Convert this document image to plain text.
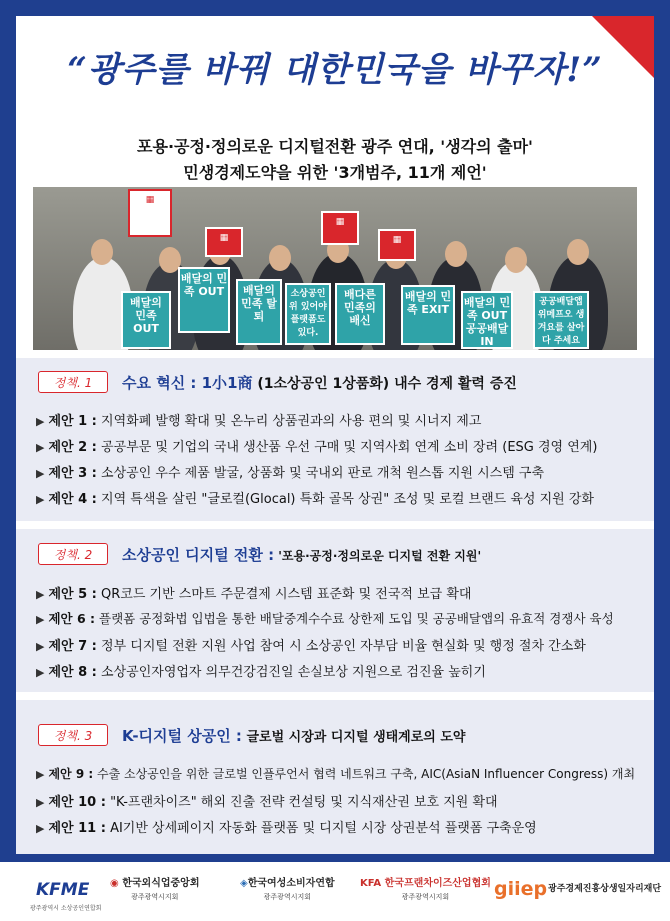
“광주를 바꿔 대한민국을 바꾸자!”
포용·공정·정의로운 디지털전환 광주 연대, '생각의 출마'
민생경제도약을 위한 '3개범주, 11개 제언'
▦
▦
▦
▦
배달의 민족 OUT
배달의 민족 OUT	배달의 민족 탈퇴
소상공인 위 있어야 플랫폼도 있다.
배다른 민족의 배신
배달의 민족 EXIT
배달의 민족 OUT 공공배달 IN
공공배달앱 위메프오 생겨요를 살아다 주세요
정책. 1	수요 혁신 : 1小1商 (1소상공인 1상품화) 내수 경제 활력 증진
▶ 제안 1 : 지역화폐 발행 확대 및 온누리 상품권과의 사용 편의 및 시너지 제고
▶ 제안 2 : 공공부문 및 기업의 국내 생산품 우선 구매 및 지역사회 연계 소비 장려 (ESG 경영 연계)
▶ 제안 3 : 소상공인 우수 제품 발굴, 상품화 및 국내외 판로 개척 원스톱 지원 시스템 구축
▶ 제안 4 : 지역 특색을 살린 "글로컬(Glocal) 특화 골목 상권" 조성 및 로컬 브랜드 육성 지원 강화
정책. 2	소상공인 디지털 전환 : '포용·공정·정의로운 디지털 전환 지원'
▶ 제안 5 : QR코드 기반 스마트 주문결제 시스템 표준화 및 전국적 보급 확대
▶ 제안 6 : 플랫폼 공정화법 입법을 통한 배달중계수수료 상한제 도입 및 공공배달앱의 유효적 경쟁사 육성
▶ 제안 7 : 정부 디지털 전환 지원 사업 참여 시 소상공인 자부담 비율 현실화 및 행정 절차 간소화
▶ 제안 8 : 소상공인자영업자 의무건강검진일 손실보상 지원으로 검진율 높히기
정책. 3	K-디지털 상공인 : 글로벌 시장과 디지털 생태계로의 도약
▶ 제안 9 : 수출 소상공인을 위한 글로벌 인플루언서 협력 네트워크 구축, AIC(AsiaN Influencer Congress) 개최
▶ 제안 10 : "K-프랜차이즈" 해외 진출 전략 컨설팅 및 지식재산권 보호 지원 확대
▶ 제안 11 : AI기반 상세페이지 자동화 플랫폼 및 디지털 시장 상권분석 플랫폼 구축운영
KFME
광주광역시 소상공인연합회
◉ 한국외식업중앙회
광주광역시지회
◈한국여성소비자연합
광주광역시지회
KFA 한국프랜차이즈산업협회
광주광역시지회	giiep 광주경제진흥상생일자리재단
